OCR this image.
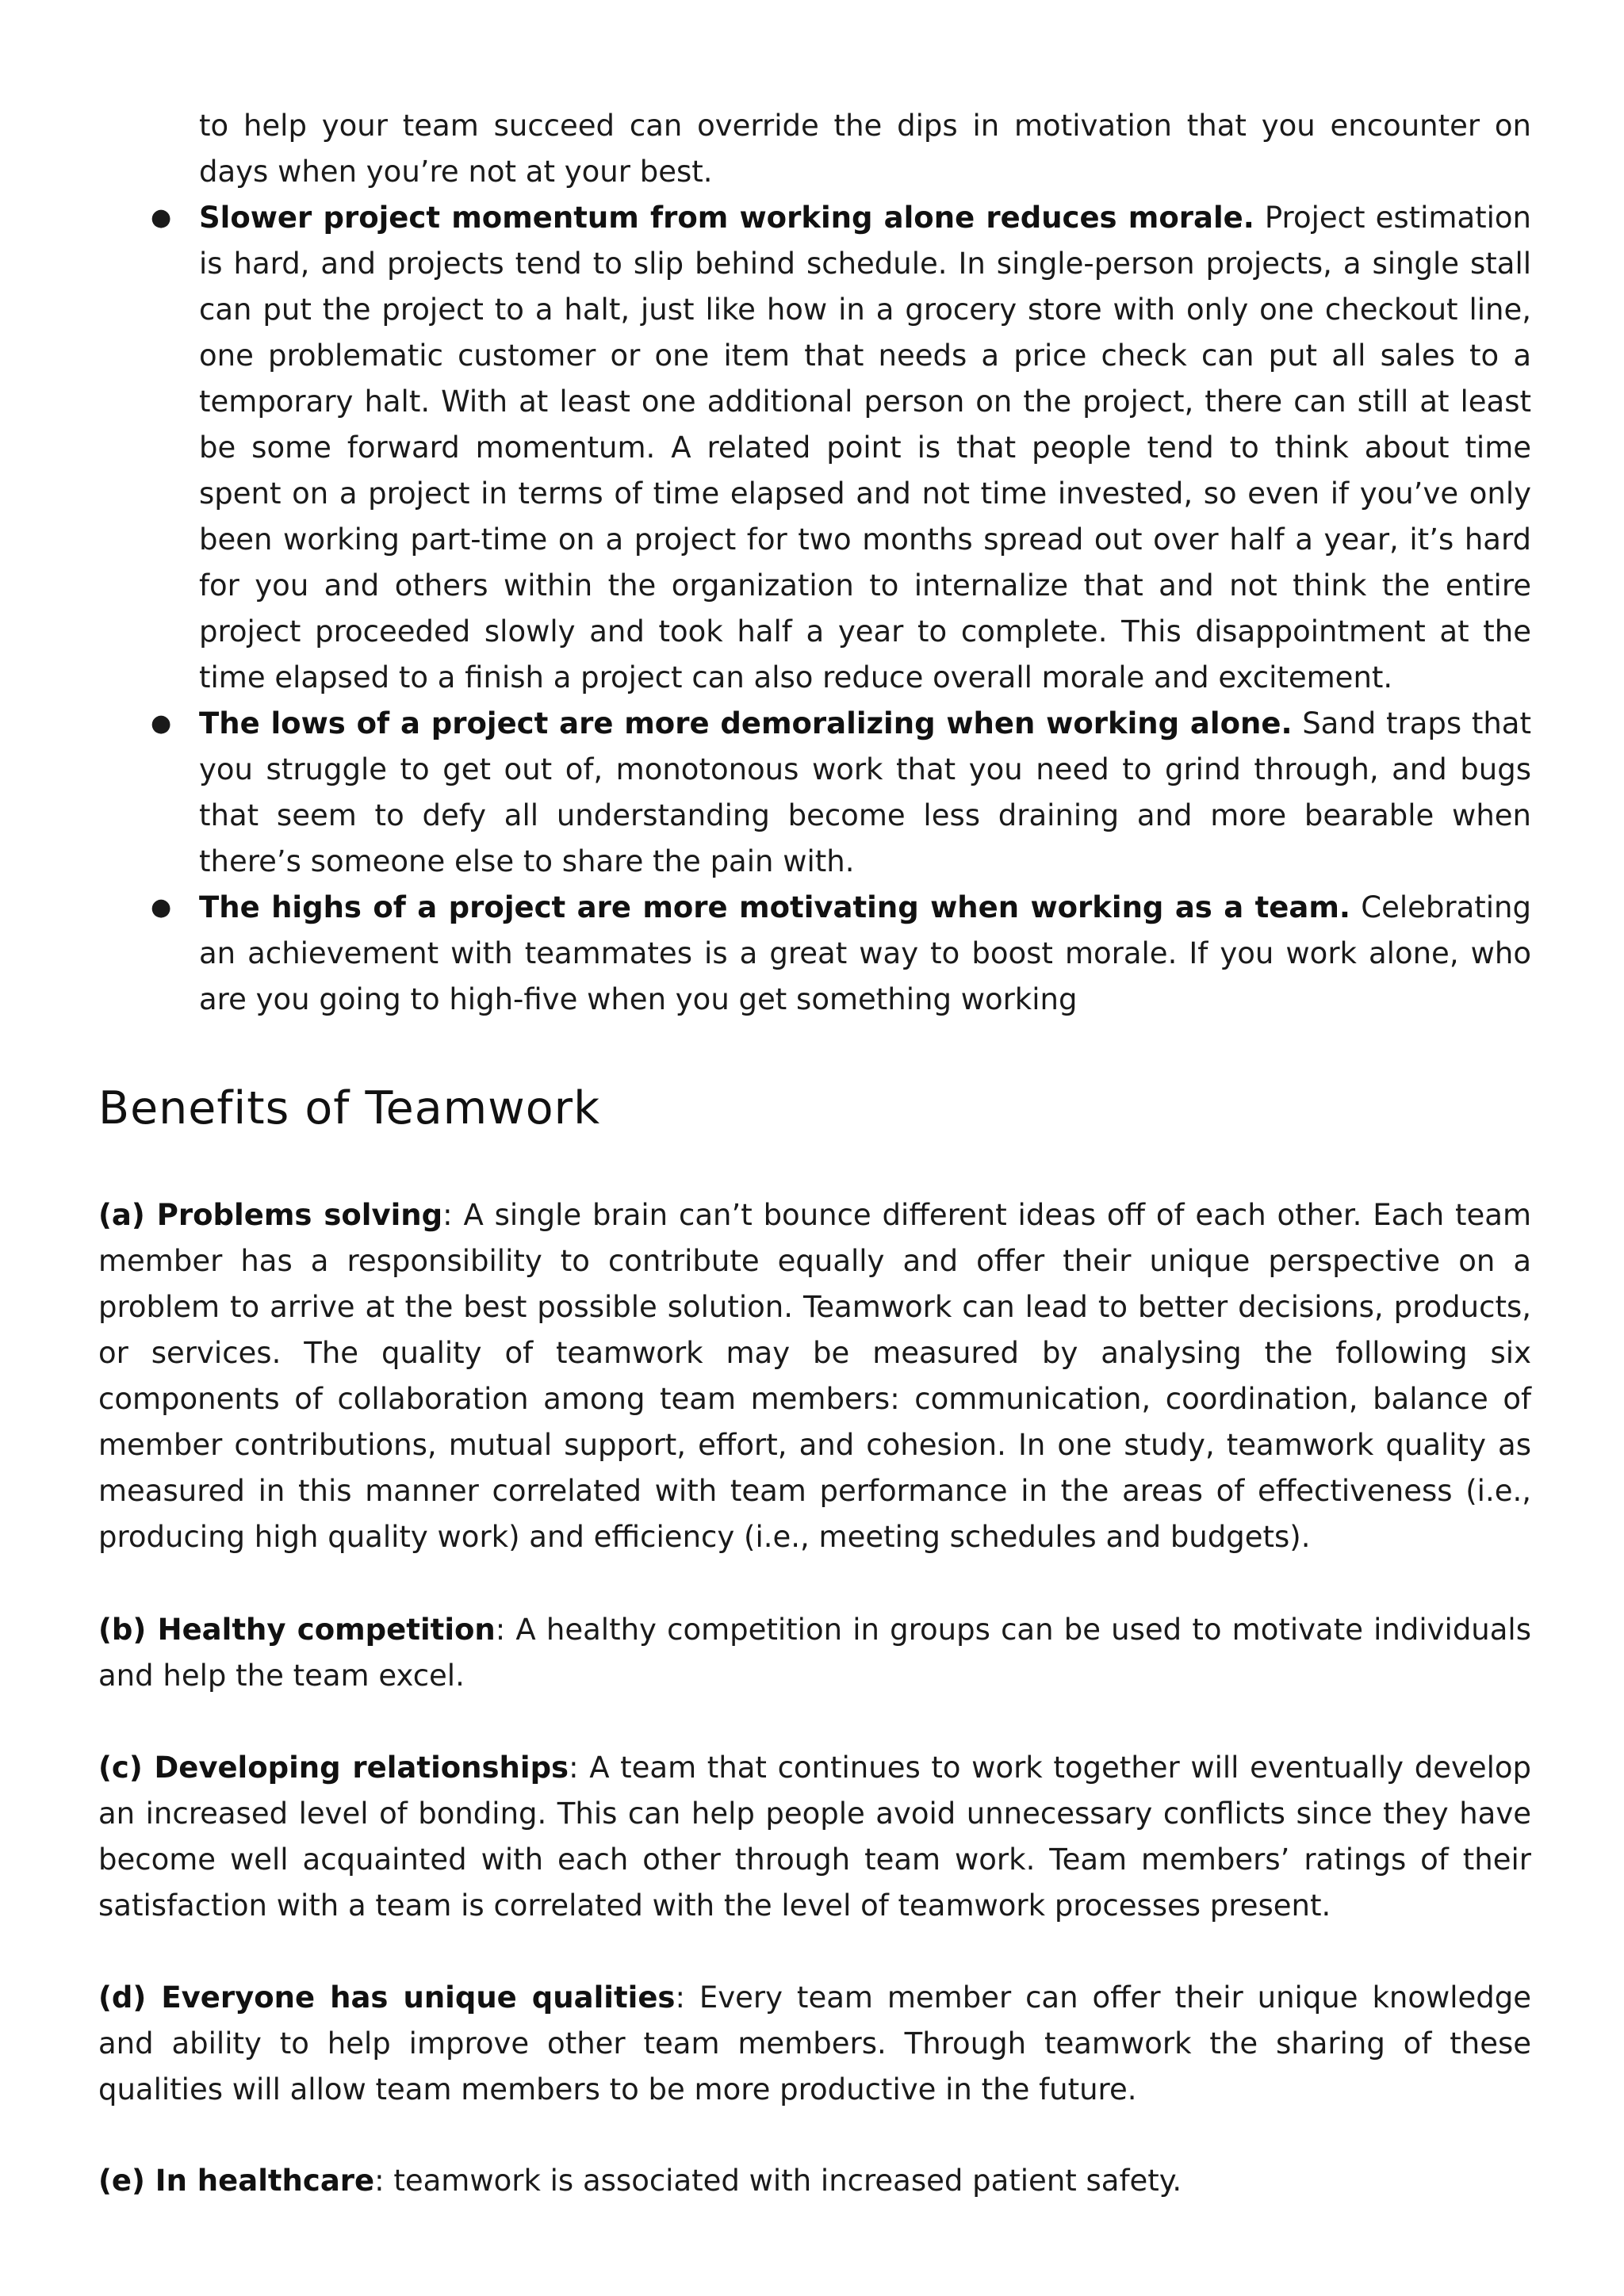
to help your team succeed can override the dips in motivation that you encounter on days when you’re not at your best.

● Slower project momentum from working alone reduces morale. Project estimation is hard, and projects tend to slip behind schedule. In single-person projects, a single stall can put the project to a halt, just like how in a grocery store with only one checkout line, one problematic customer or one item that needs a price check can put all sales to a temporary halt. With at least one additional person on the project, there can still at least be some forward momentum. A related point is that people tend to think about time spent on a project in terms of time elapsed and not time invested, so even if you’ve only been working part-time on a project for two months spread out over half a year, it’s hard for you and others within the organization to internalize that and not think the entire project proceeded slowly and took half a year to complete. This disappointment at the time elapsed to a finish a project can also reduce overall morale and excitement.
● The lows of a project are more demoralizing when working alone. Sand traps that you struggle to get out of, monotonous work that you need to grind through, and bugs that seem to defy all understanding become less draining and more bearable when there’s someone else to share the pain with.
● The highs of a project are more motivating when working as a team. Celebrating an achievement with teammates is a great way to boost morale. If you work alone, who are you going to high-five when you get something working
Benefits of Teamwork

(a) Problems solving: A single brain can’t bounce different ideas off of each other. Each team member has a responsibility to contribute equally and offer their unique perspective on a problem to arrive at the best possible solution. Teamwork can lead to better decisions, products, or services. The quality of teamwork may be measured by analysing the following six components of collaboration among team members: communication, coordination, balance of member contributions, mutual support, effort, and cohesion. In one study, teamwork quality as measured in this manner correlated with team performance in the areas of effectiveness (i.e., producing high quality work) and efficiency (i.e., meeting schedules and budgets).

(b) Healthy competition: A healthy competition in groups can be used to motivate individuals and help the team excel.

(c) Developing relationships: A team that continues to work together will eventually develop an increased level of bonding. This can help people avoid unnecessary conflicts since they have become well acquainted with each other through team work. Team members’ ratings of their satisfaction with a team is correlated with the level of teamwork processes present.

(d) Everyone has unique qualities: Every team member can offer their unique knowledge and ability to help improve other team members. Through teamwork the sharing of these qualities will allow team members to be more productive in the future.

(e) In healthcare: teamwork is associated with increased patient safety.
